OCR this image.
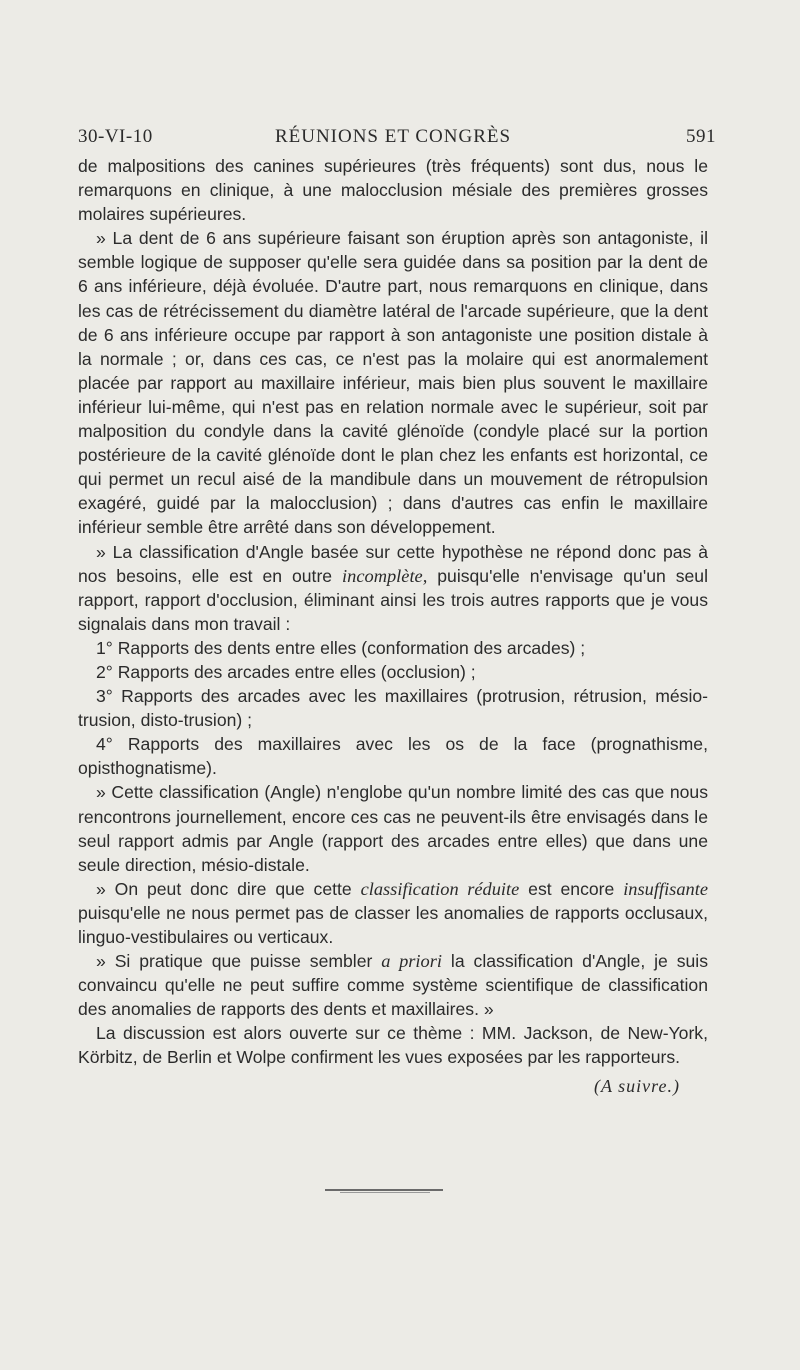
30-VI-10	RÉUNIONS ET CONGRÈS	591

de malpositions des canines supérieures (très fréquents) sont dus, nous le remarquons en clinique, à une malocclusion mésiale des premières grosses molaires supérieures.

» La dent de 6 ans supérieure faisant son éruption après son antagoniste, il semble logique de supposer qu'elle sera guidée dans sa position par la dent de 6 ans inférieure, déjà évoluée. D'autre part, nous remarquons en clinique, dans les cas de rétrécissement du diamètre latéral de l'arcade supérieure, que la dent de 6 ans inférieure occupe par rapport à son antagoniste une position distale à la normale ; or, dans ces cas, ce n'est pas la molaire qui est anormalement placée par rapport au maxillaire inférieur, mais bien plus souvent le maxillaire inférieur lui-même, qui n'est pas en relation normale avec le supérieur, soit par malposition du condyle dans la cavité glénoïde (condyle placé sur la portion postérieure de la cavité glénoïde dont le plan chez les enfants est horizontal, ce qui permet un recul aisé de la mandibule dans un mouvement de rétropulsion exagéré, guidé par la malocclusion) ; dans d'autres cas enfin le maxillaire inférieur semble être arrêté dans son développement.

» La classification d'Angle basée sur cette hypothèse ne répond donc pas à nos besoins, elle est en outre incomplète, puisqu'elle n'envisage qu'un seul rapport, rapport d'occlusion, éliminant ainsi les trois autres rapports que je vous signalais dans mon travail :

1° Rapports des dents entre elles (conformation des arcades) ;

2° Rapports des arcades entre elles (occlusion) ;

3° Rapports des arcades avec les maxillaires (protrusion, rétrusion, mésio-trusion, disto-trusion) ;

4° Rapports des maxillaires avec les os de la face (prognathisme, opisthognatisme).

» Cette classification (Angle) n'englobe qu'un nombre limité des cas que nous rencontrons journellement, encore ces cas ne peuvent-ils être envisagés dans le seul rapport admis par Angle (rapport des arcades entre elles) que dans une seule direction, mésio-distale.

» On peut donc dire que cette classification réduite est encore insuffisante puisqu'elle ne nous permet pas de classer les anomalies de rapports occlusaux, linguo-vestibulaires ou verticaux.

» Si pratique que puisse sembler a priori la classification d'Angle, je suis convaincu qu'elle ne peut suffire comme système scientifique de classification des anomalies de rapports des dents et maxillaires. »

La discussion est alors ouverte sur ce thème : MM. Jackson, de New-York, Körbitz, de Berlin et Wolpe confirment les vues exposées par les rapporteurs.

(A suivre.)
